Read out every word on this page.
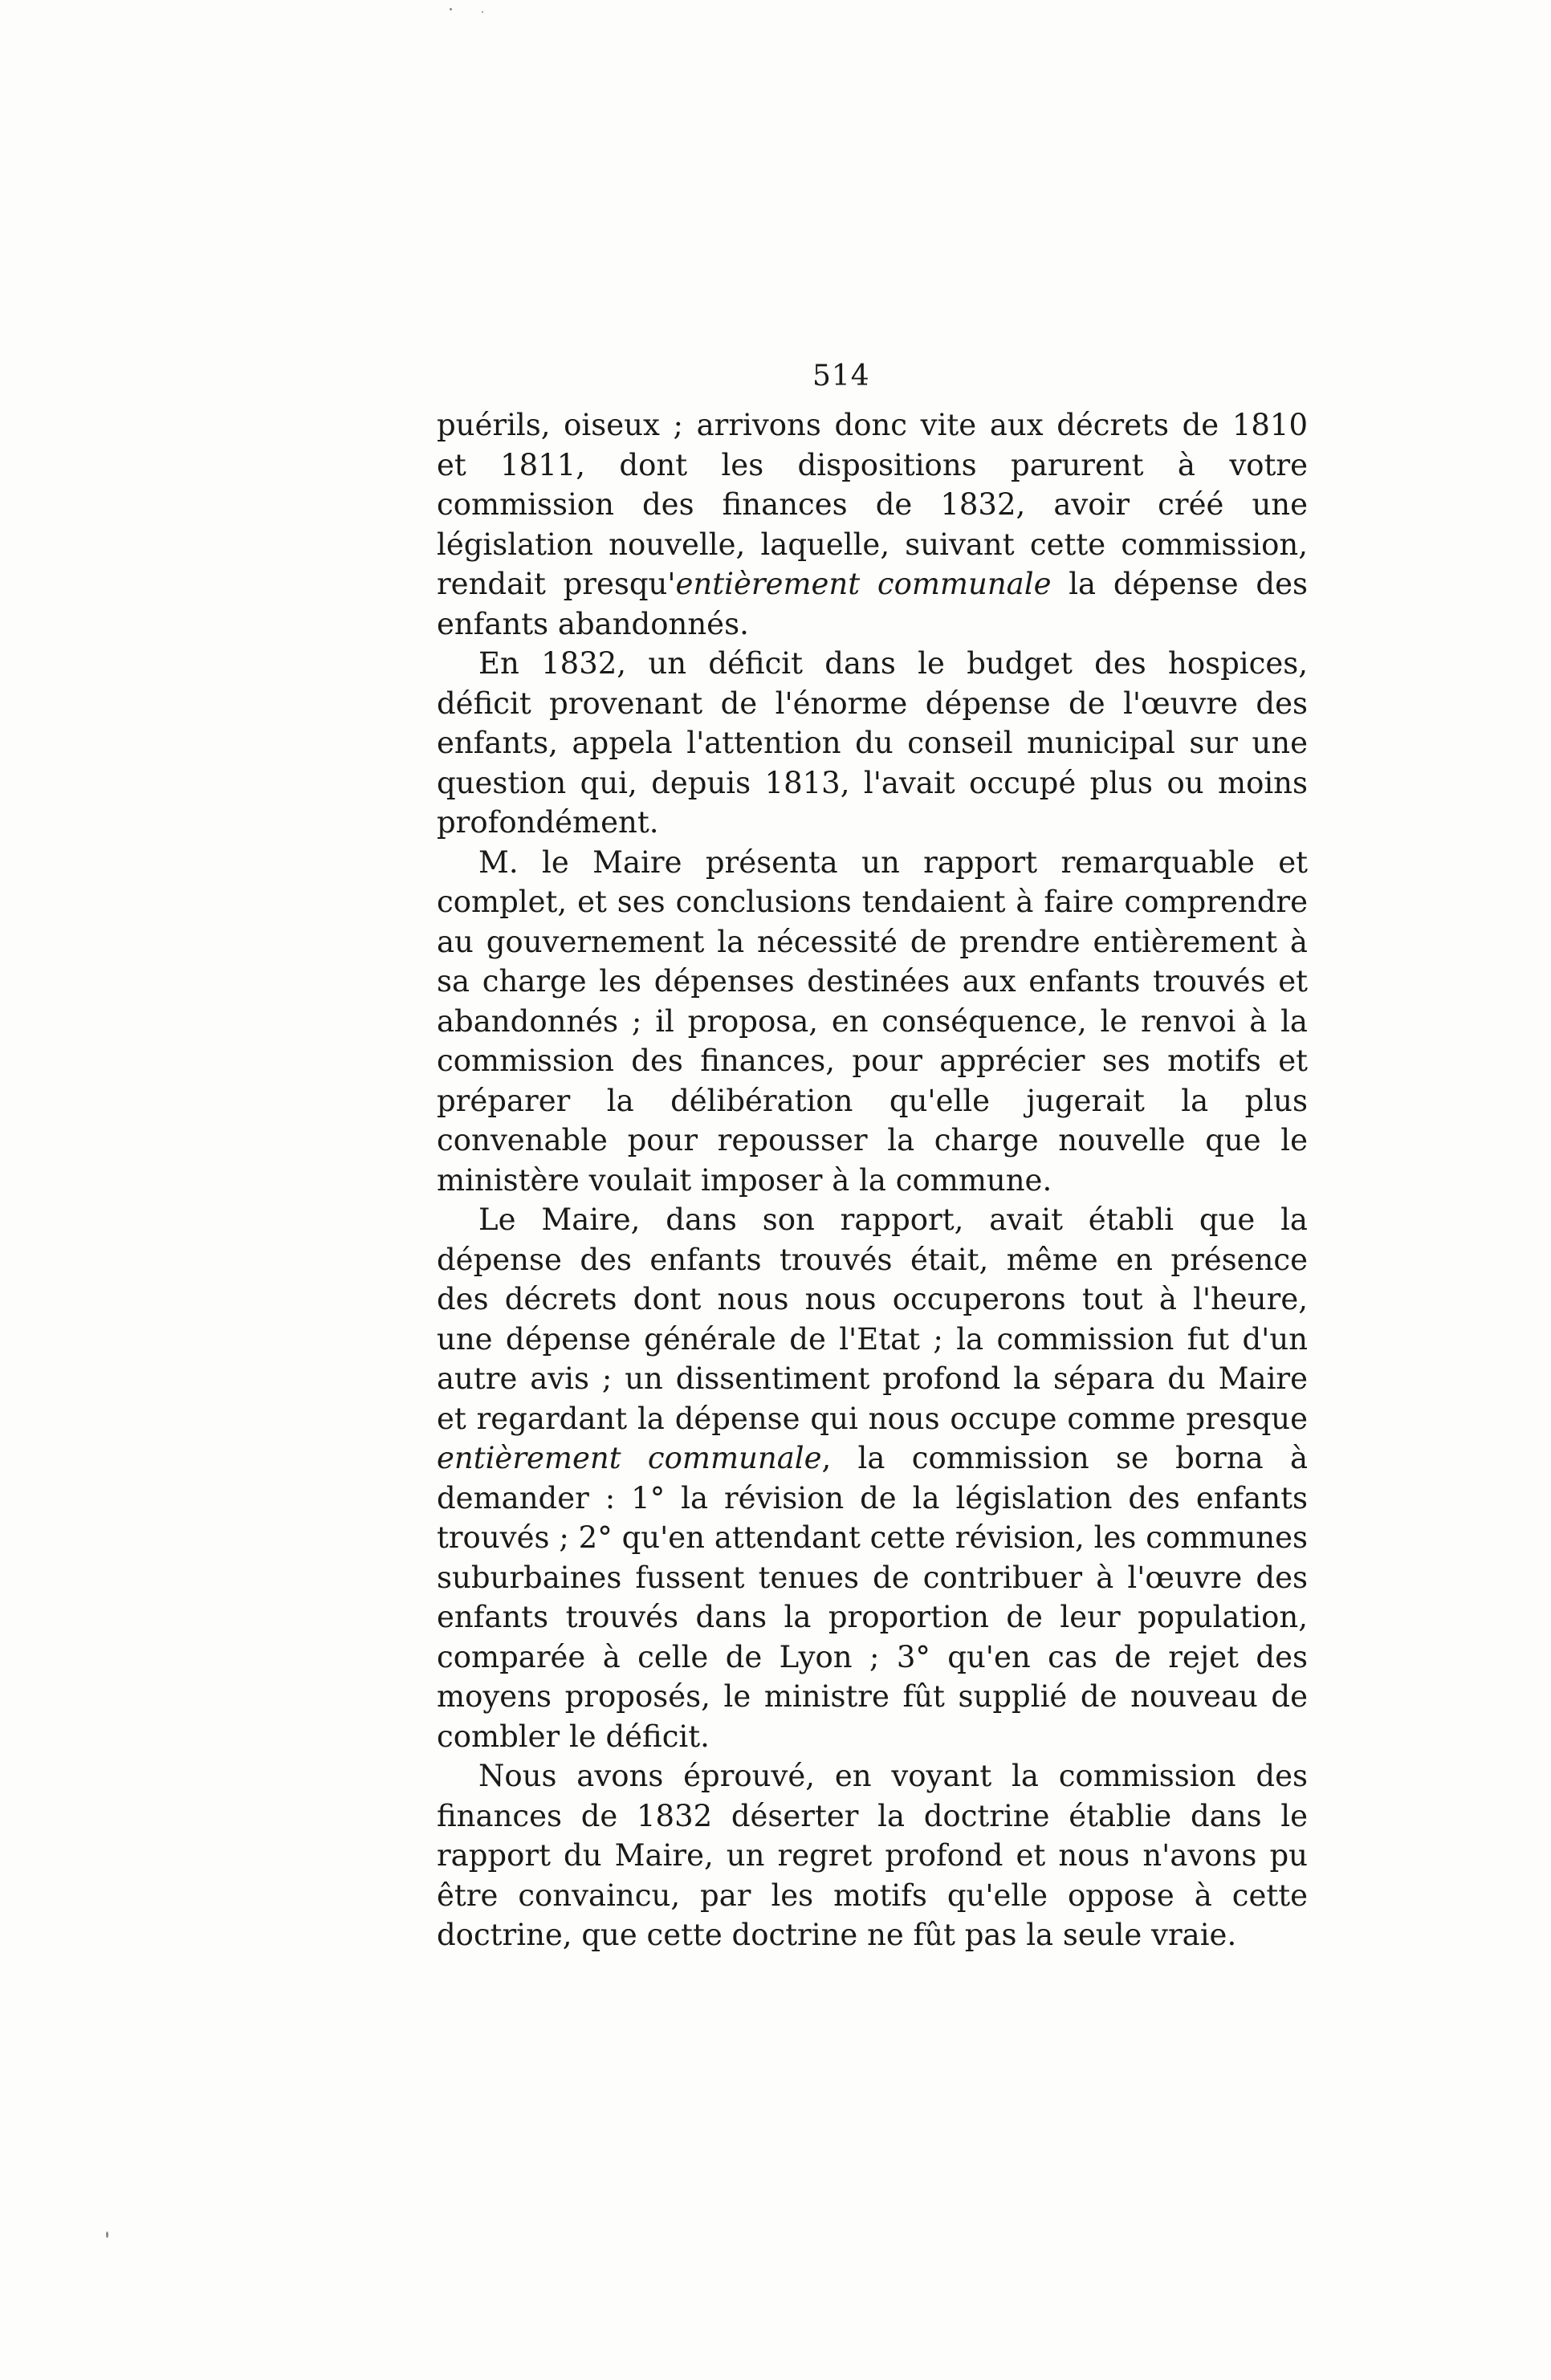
514

puérils, oiseux ; arrivons donc vite aux décrets de 1810 et 1811, dont les dispositions parurent à votre commission des finances de 1832, avoir créé une législation nouvelle, laquelle, suivant cette commission, rendait presqu'entièrement communale la dépense des enfants abandonnés.

En 1832, un déficit dans le budget des hospices, déficit provenant de l'énorme dépense de l'œuvre des enfants, appela l'attention du conseil municipal sur une question qui, depuis 1813, l'avait occupé plus ou moins profondément.

M. le Maire présenta un rapport remarquable et complet, et ses conclusions tendaient à faire comprendre au gouvernement la nécessité de prendre entièrement à sa charge les dépenses destinées aux enfants trouvés et abandonnés ; il proposa, en conséquence, le renvoi à la commission des finances, pour apprécier ses motifs et préparer la délibération qu'elle jugerait la plus convenable pour repousser la charge nouvelle que le ministère voulait imposer à la commune.

Le Maire, dans son rapport, avait établi que la dépense des enfants trouvés était, même en présence des décrets dont nous nous occuperons tout à l'heure, une dépense générale de l'Etat ; la commission fut d'un autre avis ; un dissentiment profond la sépara du Maire et regardant la dépense qui nous occupe comme presque entièrement communale, la commission se borna à demander : 1° la révision de la législation des enfants trouvés ; 2° qu'en attendant cette révision, les communes suburbaines fussent tenues de contribuer à l'œuvre des enfants trouvés dans la proportion de leur population, comparée à celle de Lyon ; 3° qu'en cas de rejet des moyens proposés, le ministre fût supplié de nouveau de combler le déficit.

Nous avons éprouvé, en voyant la commission des finances de 1832 déserter la doctrine établie dans le rapport du Maire, un regret profond et nous n'avons pu être convaincu, par les motifs qu'elle oppose à cette doctrine, que cette doctrine ne fût pas la seule vraie.
